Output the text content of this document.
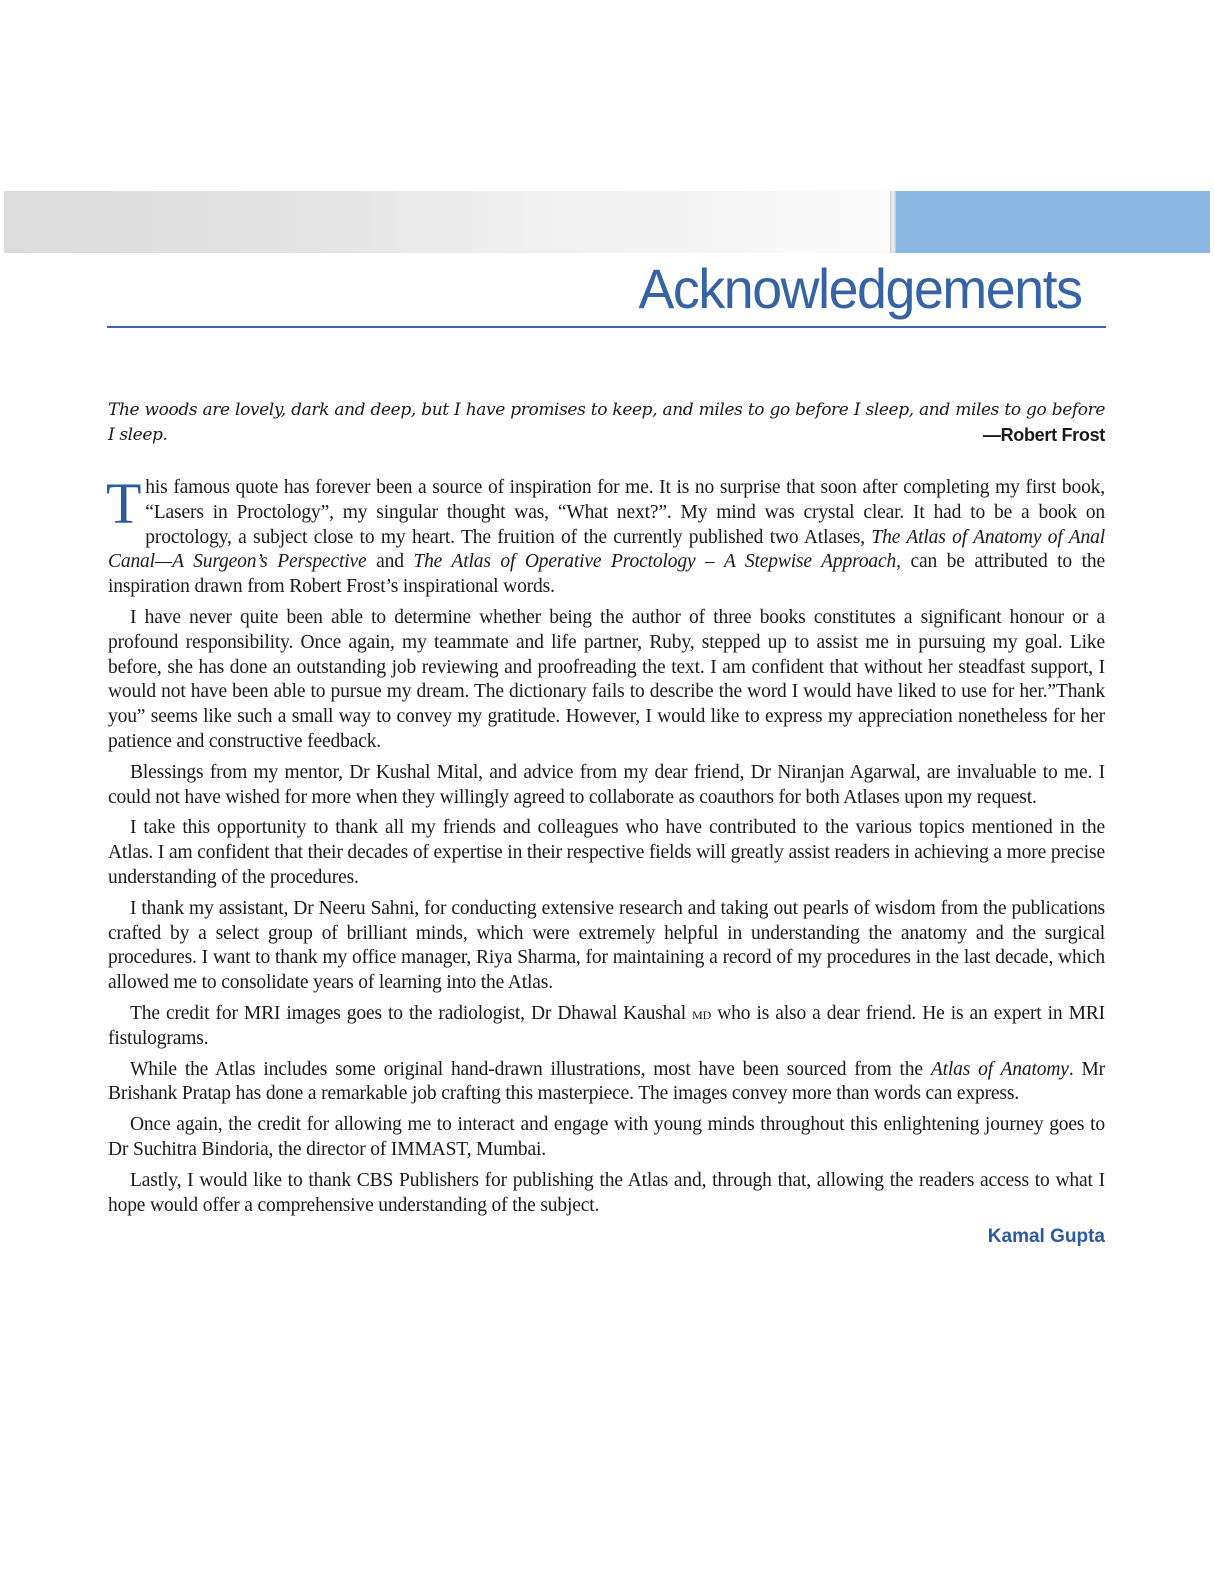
Acknowledgements

The woods are lovely, dark and deep, but I have promises to keep, and miles to go before I sleep, and miles to go before I sleep.	—Robert Frost

This famous quote has forever been a source of inspiration for me. It is no surprise that soon after completing my first book, “Lasers in Proctology”, my singular thought was, “What next?”. My mind was crystal clear. It had to be a book on proctology, a subject close to my heart. The fruition of the currently published two Atlases, The Atlas of Anatomy of Anal Canal—A Surgeon’s Perspective and The Atlas of Operative Proctology – A Stepwise Approach, can be attributed to the inspiration drawn from Robert Frost’s inspirational words.

I have never quite been able to determine whether being the author of three books constitutes a significant honour or a profound responsibility. Once again, my teammate and life partner, Ruby, stepped up to assist me in pursuing my goal. Like before, she has done an outstanding job reviewing and proofreading the text. I am confident that without her steadfast support, I would not have been able to pursue my dream. The dictionary fails to describe the word I would have liked to use for her.”Thank you” seems like such a small way to convey my gratitude. However, I would like to express my appreciation nonetheless for her patience and constructive feedback.

Blessings from my mentor, Dr Kushal Mital, and advice from my dear friend, Dr Niranjan Agarwal, are invaluable to me. I could not have wished for more when they willingly agreed to collaborate as coauthors for both Atlases upon my request.

I take this opportunity to thank all my friends and colleagues who have contributed to the various topics mentioned in the Atlas. I am confident that their decades of expertise in their respective fields will greatly assist readers in achieving a more precise understanding of the procedures.

I thank my assistant, Dr Neeru Sahni, for conducting extensive research and taking out pearls of wisdom from the publications crafted by a select group of brilliant minds, which were extremely helpful in understanding the anatomy and the surgical procedures. I want to thank my office manager, Riya Sharma, for maintaining a record of my procedures in the last decade, which allowed me to consolidate years of learning into the Atlas.

The credit for MRI images goes to the radiologist, Dr Dhawal Kaushal md who is also a dear friend. He is an expert in MRI fistulograms.

While the Atlas includes some original hand-drawn illustrations, most have been sourced from the Atlas of Anatomy. Mr Brishank Pratap has done a remarkable job crafting this masterpiece. The images convey more than words can express.

Once again, the credit for allowing me to interact and engage with young minds throughout this enlightening journey goes to Dr Suchitra Bindoria, the director of IMMAST, Mumbai.

Lastly, I would like to thank CBS Publishers for publishing the Atlas and, through that, allowing the readers access to what I hope would offer a comprehensive understanding of the subject.

Kamal Gupta
